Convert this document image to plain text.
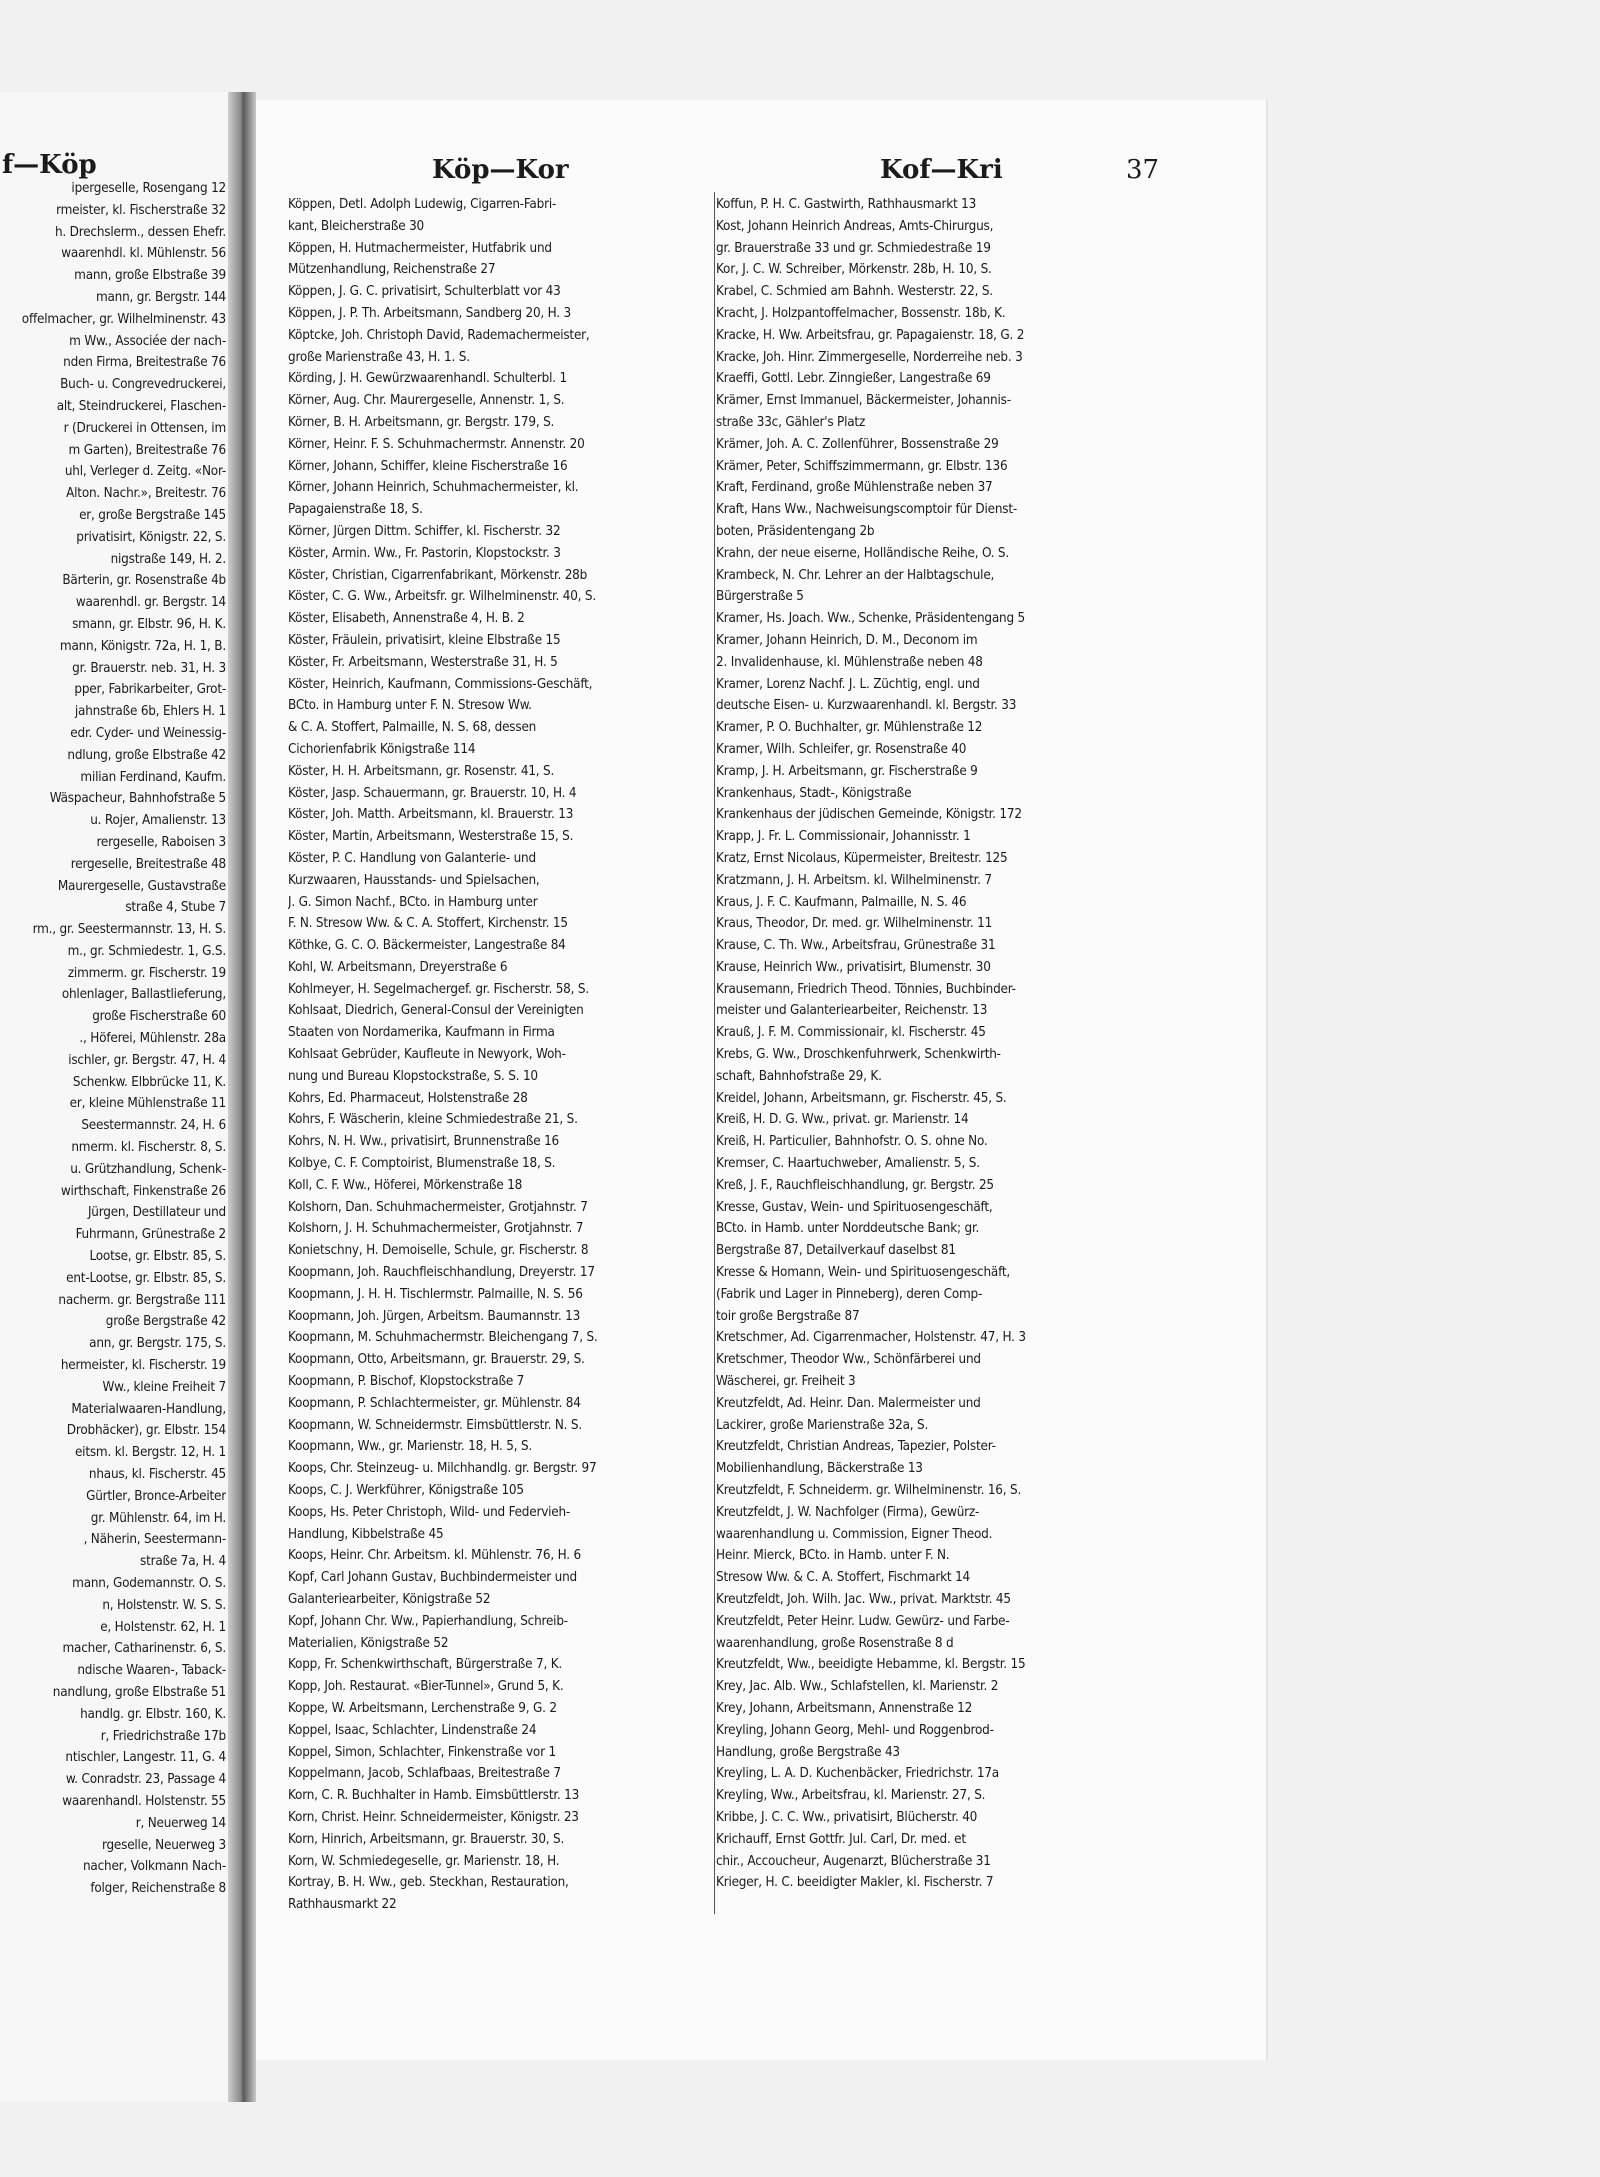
f—Köp
ipergeselle, Rosengang 12
rmeister, kl. Fischerstraße 32
h. Drechslerm., dessen Ehefr.
waarenhdl. kl. Mühlenstr. 56
mann, große Elbstraße 39
mann, gr. Bergstr. 144
offelmacher, gr. Wilhelminenstr. 43
m Ww., Associée der nach-
nden Firma, Breitestraße 76
Buch- u. Congrevedruckerei,
alt, Steindruckerei, Flaschen-
r (Druckerei in Ottensen, im
m Garten), Breitestraße 76
uhl, Verleger d. Zeitg. «Nor-
Alton. Nachr.», Breitestr. 76
er, große Bergstraße 145
privatisirt, Königstr. 22, S.
nigstraße 149, H. 2.
Bärterin, gr. Rosenstraße 4b
waarenhdl. gr. Bergstr. 14
smann, gr. Elbstr. 96, H. K.
mann, Königstr. 72a, H. 1, B.
gr. Brauerstr. neb. 31, H. 3
pper, Fabrikarbeiter, Grot-
jahnstraße 6b, Ehlers H. 1
edr. Cyder- und Weinessig-
ndlung, große Elbstraße 42
milian Ferdinand, Kaufm.
Wäspacheur, Bahnhofstraße 5
u. Rojer, Amalienstr. 13
rergeselle, Raboisen 3
rergeselle, Breitestraße 48
Maurergeselle, Gustavstraße
straße 4, Stube 7
rm., gr. Seestermannstr. 13, H. S.
m., gr. Schmiedestr. 1, G.S.
zimmerm. gr. Fischerstr. 19
ohlenlager, Ballastlieferung,
große Fischerstraße 60
., Höferei, Mühlenstr. 28a
ischler, gr. Bergstr. 47, H. 4
Schenkw. Elbbrücke 11, K.
er, kleine Mühlenstraße 11
Seestermannstr. 24, H. 6
nmerm. kl. Fischerstr. 8, S.
u. Grützhandlung, Schenk-
wirthschaft, Finkenstraße 26
Jürgen, Destillateur und
Fuhrmann, Grünestraße 2
Lootse, gr. Elbstr. 85, S.
ent-Lootse, gr. Elbstr. 85, S.
nacherm. gr. Bergstraße 111
große Bergstraße 42
ann, gr. Bergstr. 175, S.
hermeister, kl. Fischerstr. 19
Ww., kleine Freiheit 7
Materialwaaren-Handlung,
Drobhäcker), gr. Elbstr. 154
eitsm. kl. Bergstr. 12, H. 1
nhaus, kl. Fischerstr. 45
Gürtler, Bronce-Arbeiter
gr. Mühlenstr. 64, im H.
, Näherin, Seestermann-
straße 7a, H. 4
mann, Godemannstr. O. S.
n, Holstenstr. W. S. S.
e, Holstenstr. 62, H. 1
macher, Catharinenstr. 6, S.
ndische Waaren-, Taback-
nandlung, große Elbstraße 51
handlg. gr. Elbstr. 160, K.
r, Friedrichstraße 17b
ntischler, Langestr. 11, G. 4
w. Conradstr. 23, Passage 4
waarenhandl. Holstenstr. 55
r, Neuerweg 14
rgeselle, Neuerweg 3
nacher, Volkmann Nach-
folger, Reichenstraße 8
Köp—Kor	Kof—Kri	37
Köppen, Detl. Adolph Ludewig, Cigarren-Fabri-
kant, Bleicherstraße 30
Köppen, H. Hutmachermeister, Hutfabrik und
Mützenhandlung, Reichenstraße 27
Köppen, J. G. C. privatisirt, Schulterblatt vor 43
Köppen, J. P. Th. Arbeitsmann, Sandberg 20, H. 3
Köptcke, Joh. Christoph David, Rademachermeister,
große Marienstraße 43, H. 1. S.
Körding, J. H. Gewürzwaarenhandl. Schulterbl. 1
Körner, Aug. Chr. Maurergeselle, Annenstr. 1, S.
Körner, B. H. Arbeitsmann, gr. Bergstr. 179, S.
Körner, Heinr. F. S. Schuhmachermstr. Annenstr. 20
Körner, Johann, Schiffer, kleine Fischerstraße 16
Körner, Johann Heinrich, Schuhmachermeister, kl.
Papagaienstraße 18, S.
Körner, Jürgen Dittm. Schiffer, kl. Fischerstr. 32
Köster, Armin. Ww., Fr. Pastorin, Klopstockstr. 3
Köster, Christian, Cigarrenfabrikant, Mörkenstr. 28b
Köster, C. G. Ww., Arbeitsfr. gr. Wilhelminenstr. 40, S.
Köster, Elisabeth, Annenstraße 4, H. B. 2
Köster, Fräulein, privatisirt, kleine Elbstraße 15
Köster, Fr. Arbeitsmann, Westerstraße 31, H. 5
Köster, Heinrich, Kaufmann, Commissions-Geschäft,
BCto. in Hamburg unter F. N. Stresow Ww.
& C. A. Stoffert, Palmaille, N. S. 68, dessen
Cichorienfabrik Königstraße 114
Köster, H. H. Arbeitsmann, gr. Rosenstr. 41, S.
Köster, Jasp. Schauermann, gr. Brauerstr. 10, H. 4
Köster, Joh. Matth. Arbeitsmann, kl. Brauerstr. 13
Köster, Martin, Arbeitsmann, Westerstraße 15, S.
Köster, P. C. Handlung von Galanterie- und
Kurzwaaren, Hausstands- und Spielsachen,
J. G. Simon Nachf., BCto. in Hamburg unter
F. N. Stresow Ww. & C. A. Stoffert, Kirchenstr. 15
Köthke, G. C. O. Bäckermeister, Langestraße 84
Kohl, W. Arbeitsmann, Dreyerstraße 6
Kohlmeyer, H. Segelmachergef. gr. Fischerstr. 58, S.
Kohlsaat, Diedrich, General-Consul der Vereinigten
Staaten von Nordamerika, Kaufmann in Firma
Kohlsaat Gebrüder, Kaufleute in Newyork, Woh-
nung und Bureau Klopstockstraße, S. S. 10
Kohrs, Ed. Pharmaceut, Holstenstraße 28
Kohrs, F. Wäscherin, kleine Schmiedestraße 21, S.
Kohrs, N. H. Ww., privatisirt, Brunnenstraße 16
Kolbye, C. F. Comptoirist, Blumenstraße 18, S.
Koll, C. F. Ww., Höferei, Mörkenstraße 18
Kolshorn, Dan. Schuhmachermeister, Grotjahnstr. 7
Kolshorn, J. H. Schuhmachermeister, Grotjahnstr. 7
Konietschny, H. Demoiselle, Schule, gr. Fischerstr. 8
Koopmann, Joh. Rauchfleischhandlung, Dreyerstr. 17
Koopmann, J. H. H. Tischlermstr. Palmaille, N. S. 56
Koopmann, Joh. Jürgen, Arbeitsm. Baumannstr. 13
Koopmann, M. Schuhmachermstr. Bleichengang 7, S.
Koopmann, Otto, Arbeitsmann, gr. Brauerstr. 29, S.
Koopmann, P. Bischof, Klopstockstraße 7
Koopmann, P. Schlachtermeister, gr. Mühlenstr. 84
Koopmann, W. Schneidermstr. Eimsbüttlerstr. N. S.
Koopmann, Ww., gr. Marienstr. 18, H. 5, S.
Koops, Chr. Steinzeug- u. Milchhandlg. gr. Bergstr. 97
Koops, C. J. Werkführer, Königstraße 105
Koops, Hs. Peter Christoph, Wild- und Federvieh-
Handlung, Kibbelstraße 45
Koops, Heinr. Chr. Arbeitsm. kl. Mühlenstr. 76, H. 6
Kopf, Carl Johann Gustav, Buchbindermeister und
Galanteriearbeiter, Königstraße 52
Kopf, Johann Chr. Ww., Papierhandlung, Schreib-
Materialien, Königstraße 52
Kopp, Fr. Schenkwirthschaft, Bürgerstraße 7, K.
Kopp, Joh. Restaurat. «Bier-Tunnel», Grund 5, K.
Koppe, W. Arbeitsmann, Lerchenstraße 9, G. 2
Koppel, Isaac, Schlachter, Lindenstraße 24
Koppel, Simon, Schlachter, Finkenstraße vor 1
Koppelmann, Jacob, Schlafbaas, Breitestraße 7
Korn, C. R. Buchhalter in Hamb. Eimsbüttlerstr. 13
Korn, Christ. Heinr. Schneidermeister, Königstr. 23
Korn, Hinrich, Arbeitsmann, gr. Brauerstr. 30, S.
Korn, W. Schmiedegeselle, gr. Marienstr. 18, H.
Kortray, B. H. Ww., geb. Steckhan, Restauration,
Rathhausmarkt 22
Koffun, P. H. C. Gastwirth, Rathhausmarkt 13
Kost, Johann Heinrich Andreas, Amts-Chirurgus,
gr. Brauerstraße 33 und gr. Schmiedestraße 19
Kor, J. C. W. Schreiber, Mörkenstr. 28b, H. 10, S.
Krabel, C. Schmied am Bahnh. Westerstr. 22, S.
Kracht, J. Holzpantoffelmacher, Bossenstr. 18b, K.
Kracke, H. Ww. Arbeitsfrau, gr. Papagaienstr. 18, G. 2
Kracke, Joh. Hinr. Zimmergeselle, Norderreihe neb. 3
Kraeffi, Gottl. Lebr. Zinngießer, Langestraße 69
Krämer, Ernst Immanuel, Bäckermeister, Johannis-
straße 33c, Gähler's Platz
Krämer, Joh. A. C. Zollenführer, Bossenstraße 29
Krämer, Peter, Schiffszimmermann, gr. Elbstr. 136
Kraft, Ferdinand, große Mühlenstraße neben 37
Kraft, Hans Ww., Nachweisungscomptoir für Dienst-
boten, Präsidentengang 2b
Krahn, der neue eiserne, Holländische Reihe, O. S.
Krambeck, N. Chr. Lehrer an der Halbtagschule,
Bürgerstraße 5
Kramer, Hs. Joach. Ww., Schenke, Präsidentengang 5
Kramer, Johann Heinrich, D. M., Deconom im
2. Invalidenhause, kl. Mühlenstraße neben 48
Kramer, Lorenz Nachf. J. L. Züchtig, engl. und
deutsche Eisen- u. Kurzwaarenhandl. kl. Bergstr. 33
Kramer, P. O. Buchhalter, gr. Mühlenstraße 12
Kramer, Wilh. Schleifer, gr. Rosenstraße 40
Kramp, J. H. Arbeitsmann, gr. Fischerstraße 9
Krankenhaus, Stadt-, Königstraße
Krankenhaus der jüdischen Gemeinde, Königstr. 172
Krapp, J. Fr. L. Commissionair, Johannisstr. 1
Kratz, Ernst Nicolaus, Küpermeister, Breitestr. 125
Kratzmann, J. H. Arbeitsm. kl. Wilhelminenstr. 7
Kraus, J. F. C. Kaufmann, Palmaille, N. S. 46
Kraus, Theodor, Dr. med. gr. Wilhelminenstr. 11
Krause, C. Th. Ww., Arbeitsfrau, Grünestraße 31
Krause, Heinrich Ww., privatisirt, Blumenstr. 30
Krausemann, Friedrich Theod. Tönnies, Buchbinder-
meister und Galanteriearbeiter, Reichenstr. 13
Krauß, J. F. M. Commissionair, kl. Fischerstr. 45
Krebs, G. Ww., Droschkenfuhrwerk, Schenkwirth-
schaft, Bahnhofstraße 29, K.
Kreidel, Johann, Arbeitsmann, gr. Fischerstr. 45, S.
Kreiß, H. D. G. Ww., privat. gr. Marienstr. 14
Kreiß, H. Particulier, Bahnhofstr. O. S. ohne No.
Kremser, C. Haartuchweber, Amalienstr. 5, S.
Kreß, J. F., Rauchfleischhandlung, gr. Bergstr. 25
Kresse, Gustav, Wein- und Spirituosengeschäft,
BCto. in Hamb. unter Norddeutsche Bank; gr.
Bergstraße 87, Detailverkauf daselbst 81
Kresse & Homann, Wein- und Spirituosengeschäft,
(Fabrik und Lager in Pinneberg), deren Comp-
toir große Bergstraße 87
Kretschmer, Ad. Cigarrenmacher, Holstenstr. 47, H. 3
Kretschmer, Theodor Ww., Schönfärberei und
Wäscherei, gr. Freiheit 3
Kreutzfeldt, Ad. Heinr. Dan. Malermeister und
Lackirer, große Marienstraße 32a, S.
Kreutzfeldt, Christian Andreas, Tapezier, Polster-
Mobilienhandlung, Bäckerstraße 13
Kreutzfeldt, F. Schneiderm. gr. Wilhelminenstr. 16, S.
Kreutzfeldt, J. W. Nachfolger (Firma), Gewürz-
waarenhandlung u. Commission, Eigner Theod.
Heinr. Mierck, BCto. in Hamb. unter F. N.
Stresow Ww. & C. A. Stoffert, Fischmarkt 14
Kreutzfeldt, Joh. Wilh. Jac. Ww., privat. Marktstr. 45
Kreutzfeldt, Peter Heinr. Ludw. Gewürz- und Farbe-
waarenhandlung, große Rosenstraße 8 d
Kreutzfeldt, Ww., beeidigte Hebamme, kl. Bergstr. 15
Krey, Jac. Alb. Ww., Schlafstellen, kl. Marienstr. 2
Krey, Johann, Arbeitsmann, Annenstraße 12
Kreyling, Johann Georg, Mehl- und Roggenbrod-
Handlung, große Bergstraße 43
Kreyling, L. A. D. Kuchenbäcker, Friedrichstr. 17a
Kreyling, Ww., Arbeitsfrau, kl. Marienstr. 27, S.
Kribbe, J. C. C. Ww., privatisirt, Blücherstr. 40
Krichauff, Ernst Gottfr. Jul. Carl, Dr. med. et
chir., Accoucheur, Augenarzt, Blücherstraße 31
Krieger, H. C. beeidigter Makler, kl. Fischerstr. 7
